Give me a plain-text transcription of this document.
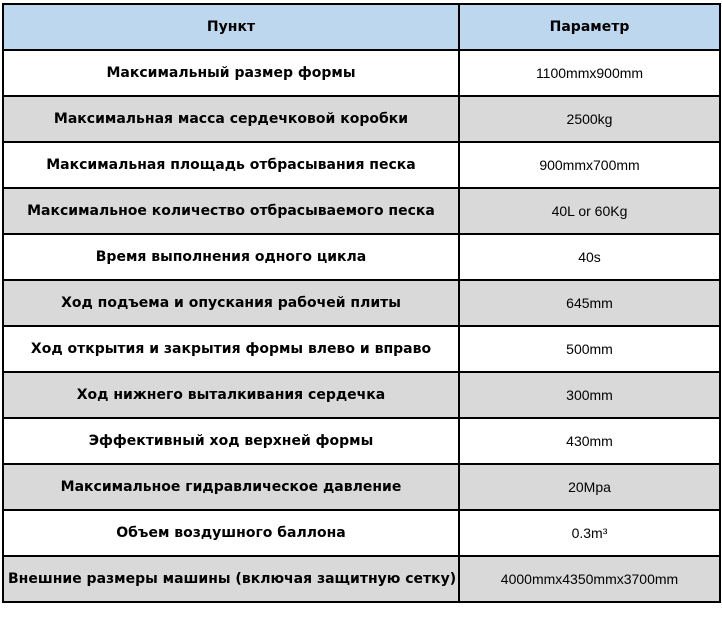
Пункт	Параметр
Максимальный размер формы	1100mmx900mm
Максимальная масса сердечковой коробки	2500kg
Максимальная площадь отбрасывания песка	900mmx700mm
Максимальное количество отбрасываемого песка	40L or 60Kg
Время выполнения одного цикла	40s
Ход подъема и опускания рабочей плиты	645mm
Ход открытия и закрытия формы влево и вправо	500mm
Ход нижнего выталкивания сердечка	300mm
Эффективный ход верхней формы	430mm
Максимальное гидравлическое давление	20Mpa
Объем воздушного баллона	0.3m³
Внешние размеры машины (включая защитную сетку)	4000mmx4350mmx3700mm
